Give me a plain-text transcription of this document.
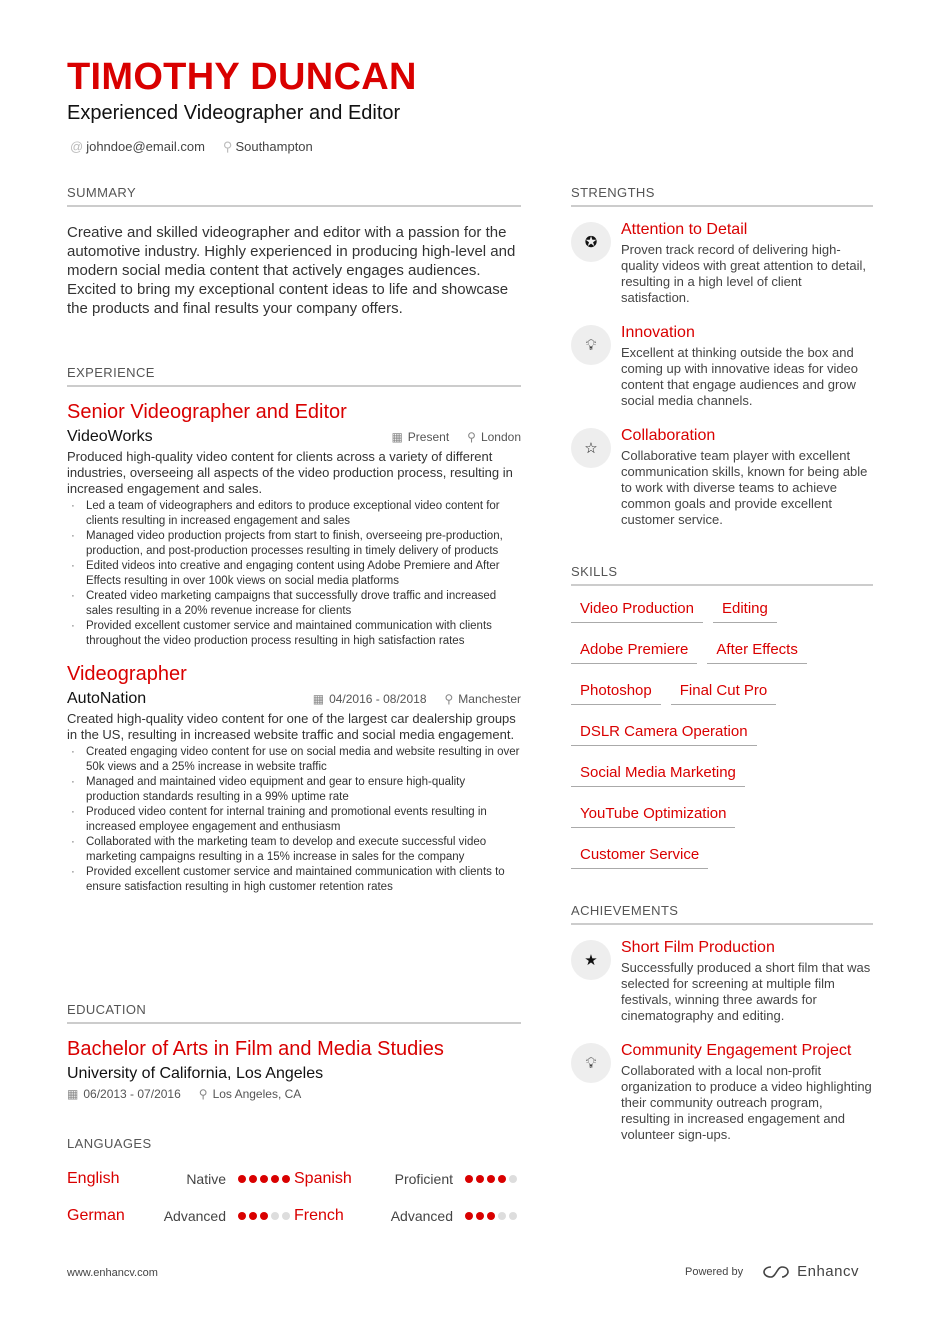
TIMOTHY DUNCAN
Experienced Videographer and Editor
@ johndoe@email.com ⚲ Southampton
SUMMARY
Creative and skilled videographer and editor with a passion for the automotive industry. Highly experienced in producing high-level and modern social media content that actively engages audiences. Excited to bring my exceptional content ideas to life and showcase the products and final results your company offers.
EXPERIENCE
Senior Videographer and Editor
VideoWorks	▦ Present ⚲ London
Produced high-quality video content for clients across a variety of different industries, overseeing all aspects of the video production process, resulting in increased engagement and sales.
· Led a team of videographers and editors to produce exceptional video content for clients resulting in increased engagement and sales
· Managed video production projects from start to finish, overseeing pre-production, production, and post-production processes resulting in timely delivery of products
· Edited videos into creative and engaging content using Adobe Premiere and After Effects resulting in over 100k views on social media platforms
· Created video marketing campaigns that successfully drove traffic and increased sales resulting in a 20% revenue increase for clients
· Provided excellent customer service and maintained communication with clients throughout the video production process resulting in high satisfaction rates
Videographer
AutoNation	▦ 04/2016 - 08/2018 ⚲ Manchester
Created high-quality video content for one of the largest car dealership groups in the US, resulting in increased website traffic and social media engagement.
· Created engaging video content for use on social media and website resulting in over 50k views and a 25% increase in website traffic
· Managed and maintained video equipment and gear to ensure high-quality production standards resulting in a 99% uptime rate
· Produced video content for internal training and promotional events resulting in increased employee engagement and enthusiasm
· Collaborated with the marketing team to develop and execute successful video marketing campaigns resulting in a 15% increase in sales for the company
· Provided excellent customer service and maintained communication with clients to ensure satisfaction resulting in high customer retention rates
EDUCATION
Bachelor of Arts in Film and Media Studies
University of California, Los Angeles
▦ 06/2013 - 07/2016 ⚲ Los Angeles, CA
LANGUAGES
English	Native	Spanish	Proficient
German	Advanced	French	Advanced
STRENGTHS
✪
Attention to Detail
Proven track record of delivering high-quality videos with great attention to detail, resulting in a high level of client satisfaction.
💡︎
Innovation
Excellent at thinking outside the box and coming up with innovative ideas for video content that engage audiences and grow social media channels.
☆
Collaboration
Collaborative team player with excellent communication skills, known for being able to work with diverse teams to achieve common goals and provide excellent customer service.
SKILLS
Video Production	Editing
Adobe Premiere	After Effects
Photoshop	Final Cut Pro
DSLR Camera Operation
Social Media Marketing
YouTube Optimization
Customer Service
ACHIEVEMENTS
★
Short Film Production
Successfully produced a short film that was selected for screening at multiple film festivals, winning three awards for cinematography and editing.
💡︎
Community Engagement Project
Collaborated with a local non-profit organization to produce a video highlighting their community outreach program, resulting in increased engagement and volunteer sign-ups.
www.enhancv.com	Powered by	Enhancv
